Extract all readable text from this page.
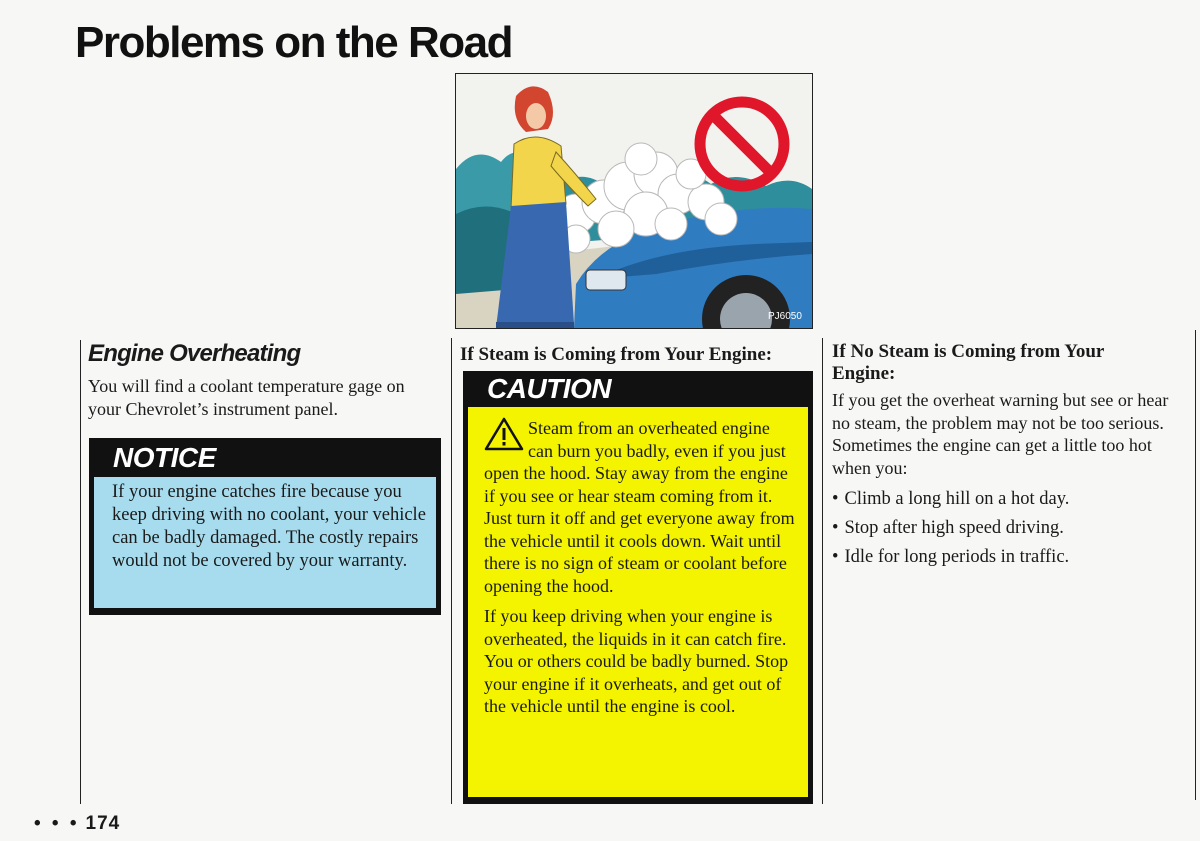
Problems on the Road
PJ6050
Engine Overheating

You will find a coolant temperature gage on your Chevrolet’s instrument panel.

NOTICE
If your engine catches fire because you keep driving with no coolant, your vehicle can be badly damaged. The costly repairs would not be covered by your warranty.
If Steam is Coming from Your Engine:
CAUTION

Steam from an overheated engine can burn you badly, even if you just open the hood. Stay away from the engine if you see or hear steam coming from it. Just turn it off and get everyone away from the vehicle until it cools down. Wait until there is no sign of steam or coolant before opening the hood.

If you keep driving when your engine is overheated, the liquids in it can catch fire. You or others could be badly burned. Stop your engine if it overheats, and get out of the vehicle until the engine is cool.

If No Steam is Coming from Your Engine:

If you get the overheat warning but see or hear no steam, the problem may not be too serious. Sometimes the engine can get a little too hot when you:

• Climb a long hill on a hot day.
• Stop after high speed driving.
• Idle for long periods in traffic.
• • • 174
